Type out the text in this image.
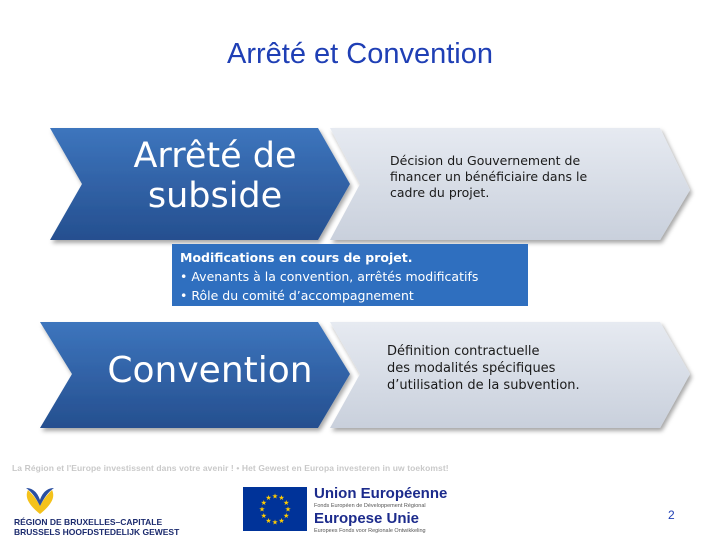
Arrêté et Convention
Arrêté de
subside
Décision du Gouvernement de
financer un bénéficiaire dans le
cadre du projet.
Modifications en cours de projet.
• Avenants à la convention, arrêtés modificatifs
• Rôle du comité d’accompagnement
Convention	Définition contractuelle
des modalités spécifiques
d’utilisation de la subvention.
La Région et l'Europe investissent dans votre avenir ! • Het Gewest en Europa investeren in uw toekomst!
RÉGION DE BRUXELLES–CAPITALE
BRUSSELS HOOFDSTEDELIJK GEWEST
★
★
★
★
★
★
★
★
★ ★ ★
★
Union Européenne
Fonds Européen de Développement Régional
Europese Unie
Europees Fonds voor Regionale Ontwikkeling
2
